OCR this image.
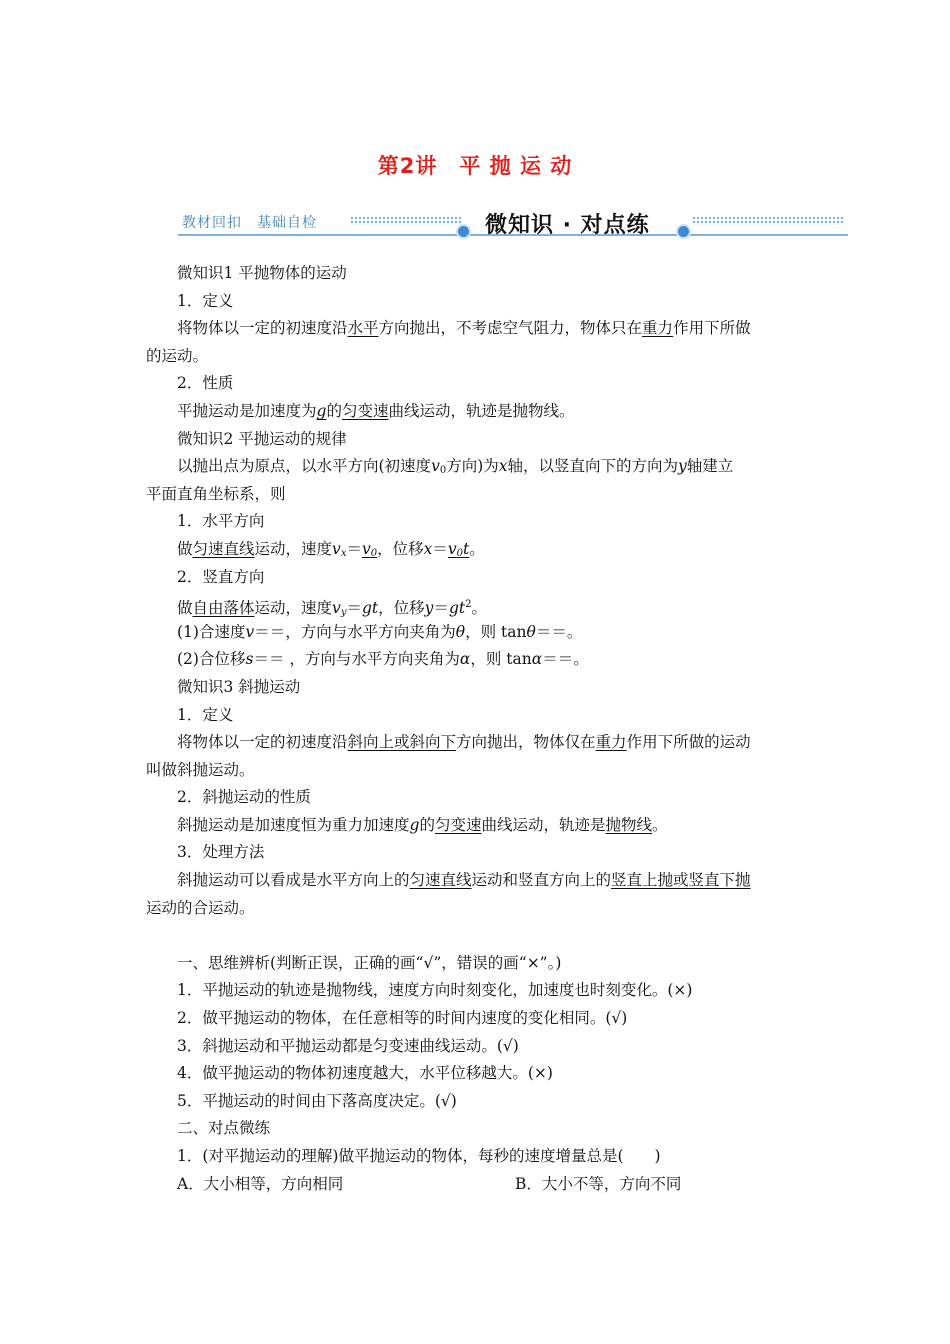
第2讲　平 抛 运 动
教材回扣　基础自检	微知识 · 对点练
微知识1 平抛物体的运动
1．定义
将物体以一定的初速度沿水平方向抛出，不考虑空气阻力，物体只在重力作用下所做
的运动。
2．性质
平抛运动是加速度为g的匀变速曲线运动，轨迹是抛物线。
微知识2 平抛运动的规律
以抛出点为原点，以水平方向(初速度$v_0$方向)为x轴，以竖直向下的方向为y轴建立
平面直角坐标系，则
1．水平方向
做匀速直线运动，速度$v_x=v_0$，位移$x=v_0t$。
2．竖直方向
做自由落体运动，速度$v_y=gt$，位移$y=gt^2$。
(1)合速度v＝＝，方向与水平方向夹角为θ，则 tanθ＝＝。
(2)合位移s＝＝ ，方向与水平方向夹角为α，则 tanα＝＝。
微知识3 斜抛运动
1．定义
将物体以一定的初速度沿斜向上或斜向下方向抛出，物体仅在重力作用下所做的运动
叫做斜抛运动。
2．斜抛运动的性质
斜抛运动是加速度恒为重力加速度g的匀变速曲线运动，轨迹是抛物线。
3．处理方法
斜抛运动可以看成是水平方向上的匀速直线运动和竖直方向上的竖直上抛或竖直下抛
运动的合运动。
一、思维辨析(判断正误，正确的画“√”，错误的画“×”。)
1．平抛运动的轨迹是抛物线，速度方向时刻变化，加速度也时刻变化。(×)
2．做平抛运动的物体，在任意相等的时间内速度的变化相同。(√)
3．斜抛运动和平抛运动都是匀变速曲线运动。(√)
4．做平抛运动的物体初速度越大，水平位移越大。(×)
5．平抛运动的时间由下落高度决定。(√)
二、对点微练
1．(对平抛运动的理解)做平抛运动的物体，每秒的速度增量总是(　　)
A．大小相等，方向相同	B．大小不等，方向不同
